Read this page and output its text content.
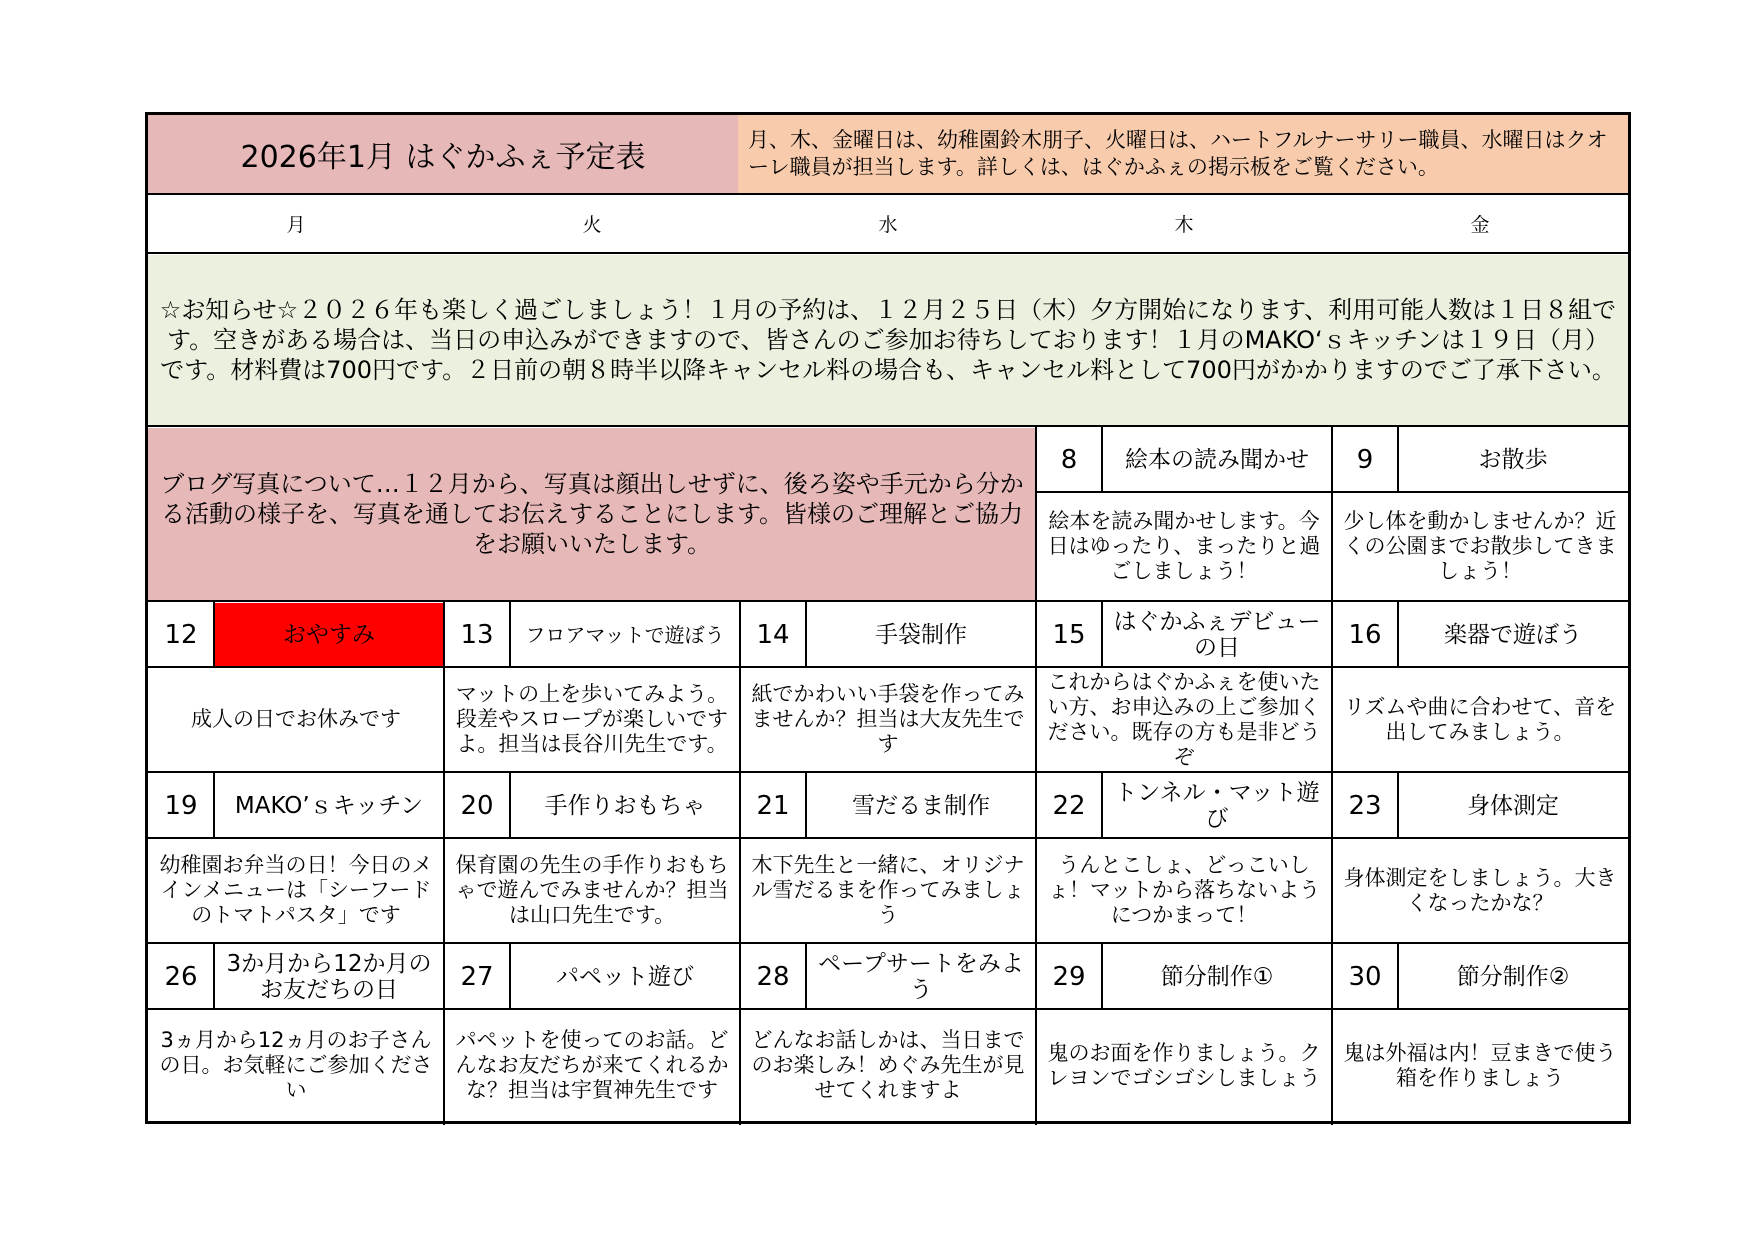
2026年1月 はぐかふぇ予定表	月、木、金曜日は、幼稚園鈴木朋子、火曜日は、ハートフルナーサリー職員、水曜日はクオーレ職員が担当します。詳しくは、はぐかふぇの掲示板をご覧ください。
月	火	水	木	金
☆お知らせ☆２０２６年も楽しく過ごしましょう！１月の予約は、１２月２５日（木）夕方開始になります、利用可能人数は１日８組です。空きがある場合は、当日の申込みができますので、皆さんのご参加お待ちしております！１月のMAKO‘ｓキッチンは１９日（月）です。材料費は700円です。２日前の朝８時半以降キャンセル料の場合も、キャンセル料として700円がかかりますのでご了承下さい。
ブログ写真について…１２月から、写真は顔出しせずに、後ろ姿や手元から分かる活動の様子を、写真を通してお伝えすることにします。皆様のご理解とご協力をお願いいたします。
8	絵本の読み聞かせ
絵本を読み聞かせします。今日はゆったり、まったりと過ごしましょう！
9	お散歩
少し体を動かしませんか？近くの公園までお散歩してきましょう！
12	おやすみ
成人の日でお休みです
13	フロアマットで遊ぼう
マットの上を歩いてみよう。段差やスロープが楽しいですよ。担当は長谷川先生です。
14	手袋制作
紙でかわいい手袋を作ってみませんか？担当は大友先生です
15	はぐかふぇデビューの日
これからはぐかふぇを使いたい方、お申込みの上ご参加ください。既存の方も是非どうぞ
16	楽器で遊ぼう
リズムや曲に合わせて、音を出してみましょう。
19	MAKO’ｓキッチン
幼稚園お弁当の日！今日のメインメニューは「シーフードのトマトパスタ」です
20	手作りおもちゃ
保育園の先生の手作りおもちゃで遊んでみませんか？担当は山口先生です。
21	雪だるま制作
木下先生と一緒に、オリジナル雪だるまを作ってみましょう
22	トンネル・マット遊び
うんとこしょ、どっこいしょ！マットから落ちないようにつかまって！
23	身体測定
身体測定をしましょう。大きくなったかな？
26	3か月から12か月のお友だちの日
3ヵ月から12ヵ月のお子さんの日。お気軽にご参加ください
27	パペット遊び
パペットを使ってのお話。どんなお友だちが来てくれるかな？担当は宇賀神先生です
28	ペープサートをみよう
どんなお話しかは、当日までのお楽しみ！めぐみ先生が見せてくれますよ
29	節分制作①
鬼のお面を作りましょう。クレヨンでゴシゴシしましょう
30	節分制作②
鬼は外福は内！豆まきで使う箱を作りましょう
